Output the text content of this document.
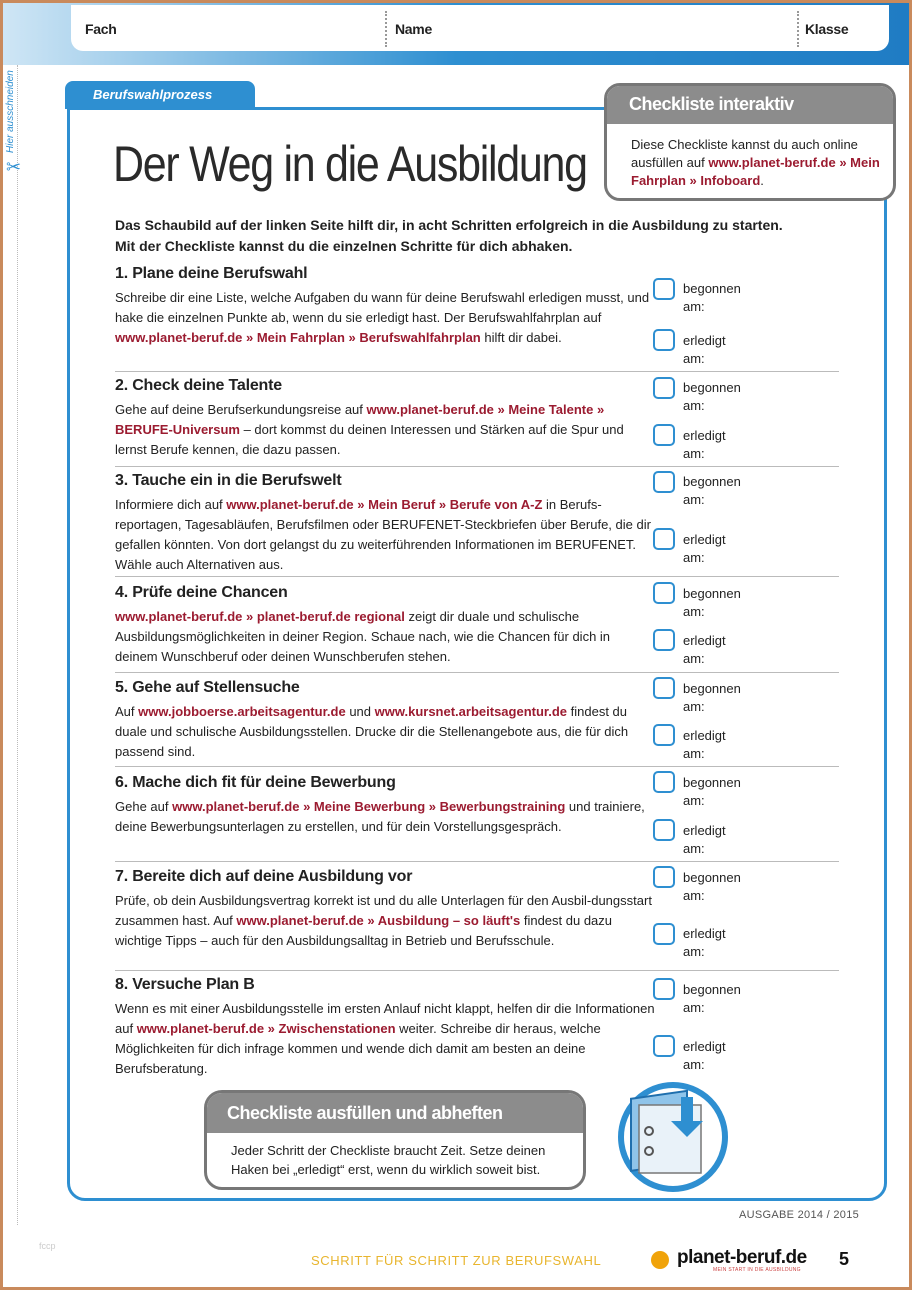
Fach	Name	Klasse
Hier ausschneiden
✂
Berufswahlprozess
Der Weg in die Ausbildung
Checkliste interaktiv
Diese Checkliste kannst du auch online ausfüllen auf www.planet-beruf.de » Mein Fahrplan » Infoboard.
Das Schaubild auf der linken Seite hilft dir, in acht Schritten erfolgreich in die Ausbildung zu starten. Mit der Checkliste kannst du die einzelnen Schritte für dich abhaken.
1. Plane deine Berufswahl

Schreibe dir eine Liste, welche Aufgaben du wann für deine Berufswahl erledigen musst, und hake die einzelnen Punkte ab, wenn du sie erledigt hast. Der Berufswahlfahrplan auf www.planet-beruf.de » Mein Fahrplan » Berufswahlfahrplan hilft dir dabei.

begonnen
am:
erledigt
am:
2. Check deine Talente

Gehe auf deine Berufserkundungsreise auf www.planet-beruf.de » Meine Talente » BERUFE-Universum – dort kommst du deinen Interessen und Stärken auf die Spur und lernst Berufe kennen, die dazu passen.

begonnen
am:
erledigt
am:
3. Tauche ein in die Berufswelt

Informiere dich auf www.planet-beruf.de » Mein Beruf » Berufe von A-Z in Berufs-reportagen, Tagesabläufen, Berufsfilmen oder BERUFENET-Steckbriefen über Berufe, die dir gefallen könnten. Von dort gelangst du zu weiterführenden Informationen im BERUFENET. Wähle auch Alternativen aus.

begonnen
am:
erledigt
am:
4. Prüfe deine Chancen

www.planet-beruf.de » planet-beruf.de regional zeigt dir duale und schulische Ausbildungsmöglichkeiten in deiner Region. Schaue nach, wie die Chancen für dich in deinem Wunschberuf oder deinen Wunschberufen stehen.

begonnen
am:
erledigt
am:
5. Gehe auf Stellensuche

Auf www.jobboerse.arbeitsagentur.de und www.kursnet.arbeitsagentur.de findest du duale und schulische Ausbildungsstellen. Drucke dir die Stellenangebote aus, die für dich passend sind.

begonnen
am:
erledigt
am:
6. Mache dich fit für deine Bewerbung

Gehe auf www.planet-beruf.de » Meine Bewerbung » Bewerbungstraining und trainiere, deine Bewerbungsunterlagen zu erstellen, und für dein Vorstellungsgespräch.

begonnen
am:
erledigt
am:
7. Bereite dich auf deine Ausbildung vor

Prüfe, ob dein Ausbildungsvertrag korrekt ist und du alle Unterlagen für den Ausbil-dungsstart zusammen hast. Auf www.planet-beruf.de » Ausbildung – so läuft's findest du dazu wichtige Tipps – auch für den Ausbildungsalltag in Betrieb und Berufsschule.

begonnen
am:
erledigt
am:
8. Versuche Plan B

Wenn es mit einer Ausbildungsstelle im ersten Anlauf nicht klappt, helfen dir die Informationen auf www.planet-beruf.de » Zwischenstationen weiter. Schreibe dir heraus, welche Möglichkeiten für dich infrage kommen und wende dich damit am besten an deine Berufsberatung.

begonnen
am:
erledigt
am:
Checkliste ausfüllen und abheften
Jeder Schritt der Checkliste braucht Zeit. Setze deinen Haken bei „erledigt“ erst, wenn du wirklich soweit bist.
AUSGABE 2014 / 2015
fccp
SCHRITT FÜR SCHRITT ZUR BERUFSWAHL	planet-beruf.de
MEIN START IN DIE AUSBILDUNG
5
